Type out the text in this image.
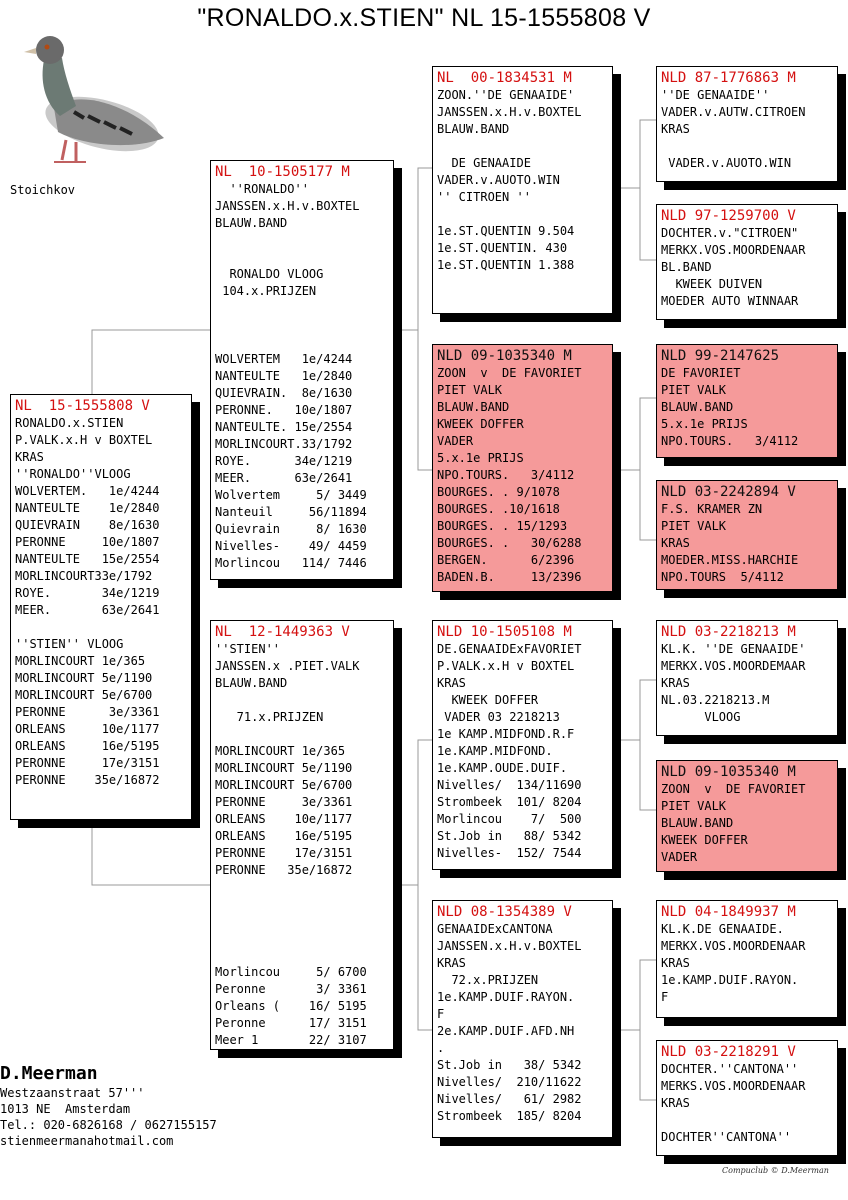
"RONALDO.x.STIEN" NL 15-1555808 V
Stoichkov
NL  15-1555808 V
RONALDO.x.STIEN
P.VALK.x.H v BOXTEL
KRAS
''RONALDO''VLOOG
WOLVERTEM.   1e/4244
NANTEULTE    1e/2840
QUIEVRAIN    8e/1630
PERONNE     10e/1807
NANTEULTE   15e/2554
MORLINCOURT33e/1792
ROYE.       34e/1219
MEER.       63e/2641

''STIEN'' VLOOG
MORLINCOURT 1e/365
MORLINCOURT 5e/1190
MORLINCOURT 5e/6700
PERONNE      3e/3361
ORLEANS     10e/1177
ORLEANS     16e/5195
PERONNE     17e/3151
PERONNE    35e/16872
NL  10-1505177 M
''RONALDO''
JANSSEN.x.H.v.BOXTEL
BLAUW.BAND

RONALDO VLOOG
104.x.PRIJZEN

WOLVERTEM   1e/4244
NANTEULTE   1e/2840
QUIEVRAIN.  8e/1630
PERONNE.   10e/1807
NANTEULTE. 15e/2554
MORLINCOURT.33/1792
ROYE.      34e/1219
MEER.      63e/2641
Wolvertem     5/ 3449
Nanteuil     56/11894
Quievrain     8/ 1630
Nivelles-    49/ 4459
Morlincou   114/ 7446
NL  12-1449363 V
''STIEN''
JANSSEN.x .PIET.VALK
BLAUW.BAND

71.x.PRIJZEN

MORLINCOURT 1e/365
MORLINCOURT 5e/1190
MORLINCOURT 5e/6700
PERONNE     3e/3361
ORLEANS    10e/1177
ORLEANS    16e/5195
PERONNE    17e/3151
PERONNE   35e/16872

Morlincou     5/ 6700
Peronne       3/ 3361
Orleans (    16/ 5195
Peronne      17/ 3151
Meer 1       22/ 3107
NL  00-1834531 M
ZOON.''DE GENAAIDE'
JANSSEN.x.H.v.BOXTEL
BLAUW.BAND

DE GENAAIDE
VADER.v.AUOTO.WIN
'' CITROEN ''

1e.ST.QUENTIN 9.504
1e.ST.QUENTIN. 430
1e.ST.QUENTIN 1.388
NLD 09-1035340 M
ZOON  v  DE FAVORIET
PIET VALK
BLAUW.BAND
KWEEK DOFFER
VADER
5.x.1e PRIJS
NPO.TOURS.   3/4112
BOURGES. . 9/1078
BOURGES. .10/1618
BOURGES. . 15/1293
BOURGES. .   30/6288
BERGEN.      6/2396
BADEN.B.     13/2396
NLD 10-1505108 M
DE.GENAAIDExFAVORIET
P.VALK.x.H v BOXTEL
KRAS
KWEEK DOFFER
VADER 03 2218213
1e KAMP.MIDFOND.R.F
1e.KAMP.MIDFOND.
1e.KAMP.OUDE.DUIF.
Nivelles/  134/11690
Strombeek  101/ 8204
Morlincou    7/  500
St.Job in   88/ 5342
Nivelles-  152/ 7544
NLD 08-1354389 V
GENAAIDExCANTONA
JANSSEN.x.H.v.BOXTEL
KRAS
72.x.PRIJZEN
1e.KAMP.DUIF.RAYON.
F
2e.KAMP.DUIF.AFD.NH
.
St.Job in   38/ 5342
Nivelles/  210/11622
Nivelles/   61/ 2982
Strombeek  185/ 8204
NLD 87-1776863 M
''DE GENAAIDE''
VADER.v.AUTW.CITROEN
KRAS

VADER.v.AUOTO.WIN
NLD 97-1259700 V
DOCHTER.v."CITROEN"
MERKX.VOS.MOORDENAAR
BL.BAND
KWEEK DUIVEN
MOEDER AUTO WINNAAR
NLD 99-2147625
DE FAVORIET
PIET VALK
BLAUW.BAND
5.x.1e PRIJS
NPO.TOURS.   3/4112
NLD 03-2242894 V
F.S. KRAMER ZN
PIET VALK
KRAS
MOEDER.MISS.HARCHIE
NPO.TOURS  5/4112
NLD 03-2218213 M
KL.K. ''DE GENAAIDE'
MERKX.VOS.MOORDEMAAR
KRAS
NL.03.2218213.M
VLOOG
NLD 09-1035340 M
ZOON  v  DE FAVORIET
PIET VALK
BLAUW.BAND
KWEEK DOFFER
VADER
NLD 04-1849937 M
KL.K.DE GENAAIDE.
MERKX.VOS.MOORDENAAR
KRAS
1e.KAMP.DUIF.RAYON.
F
NLD 03-2218291 V
DOCHTER.''CANTONA''
MERKS.VOS.MOORDENAAR
KRAS

DOCHTER''CANTONA''
D.Meerman
Westzaanstraat 57'''
1013 NE  Amsterdam
Tel.: 020-6826168 / 0627155157
stienmeermanahotmail.com
Compuclub © D.Meerman
